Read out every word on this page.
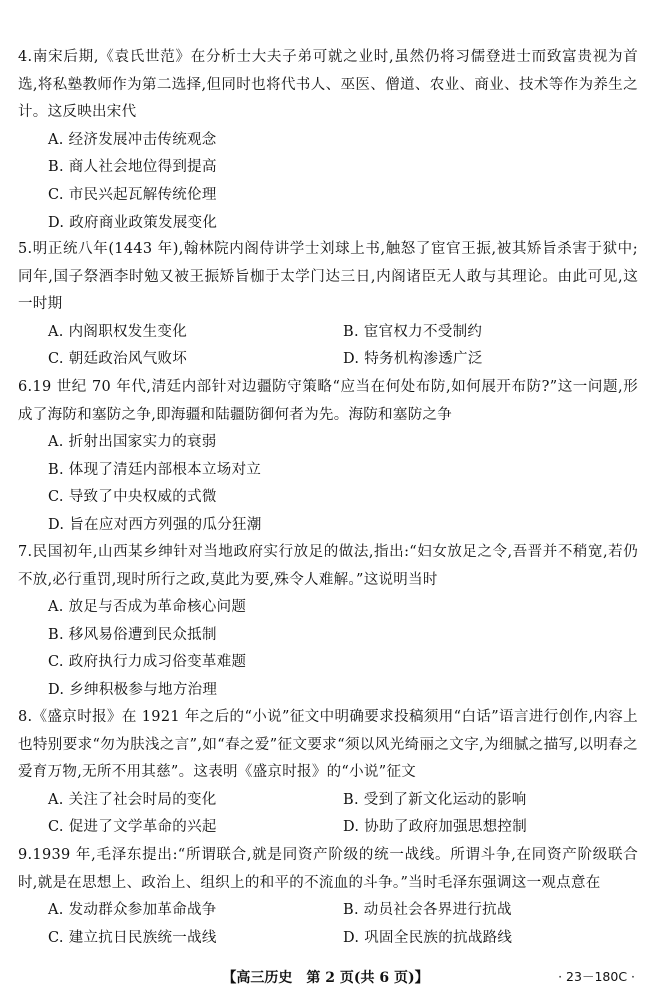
4.南宋后期,《袁氏世范》在分析士大夫子弟可就之业时,虽然仍将习儒登进士而致富贵视为首选,将私塾教师作为第二选择,但同时也将代书人、巫医、僧道、农业、商业、技术等作为养生之计。这反映出宋代

A. 经济发展冲击传统观念

B. 商人社会地位得到提高

C. 市民兴起瓦解传统伦理

D. 政府商业政策发展变化

5.明正统八年(1443 年),翰林院内阁侍讲学士刘球上书,触怒了宦官王振,被其矫旨杀害于狱中;同年,国子祭酒李时勉又被王振矫旨枷于太学门达三日,内阁诸臣无人敢与其理论。由此可见,这一时期

A. 内阁职权发生变化	B. 宦官权力不受制约
C. 朝廷政治风气败坏	D. 特务机构渗透广泛

6.19 世纪 70 年代,清廷内部针对边疆防守策略“应当在何处布防,如何展开布防?”这一问题,形成了海防和塞防之争,即海疆和陆疆防御何者为先。海防和塞防之争

A. 折射出国家实力的衰弱

B. 体现了清廷内部根本立场对立

C. 导致了中央权威的式微

D. 旨在应对西方列强的瓜分狂潮

7.民国初年,山西某乡绅针对当地政府实行放足的做法,指出:“妇女放足之令,吾晋并不稍宽,若仍不放,必行重罚,现时所行之政,莫此为要,殊令人难解。”这说明当时

A. 放足与否成为革命核心问题

B. 移风易俗遭到民众抵制

C. 政府执行力成习俗变革难题

D. 乡绅积极参与地方治理

8.《盛京时报》在 1921 年之后的“小说”征文中明确要求投稿须用“白话”语言进行创作,内容上也特别要求“勿为肤浅之言”,如“春之爱”征文要求“须以风光绮丽之文字,为细腻之描写,以明春之爱育万物,无所不用其慈”。这表明《盛京时报》的“小说”征文

A. 关注了社会时局的变化	B. 受到了新文化运动的影响
C. 促进了文学革命的兴起	D. 协助了政府加强思想控制

9.1939 年,毛泽东提出:“所谓联合,就是同资产阶级的统一战线。所谓斗争,在同资产阶级联合时,就是在思想上、政治上、组织上的和平的不流血的斗争。”当时毛泽东强调这一观点意在

A. 发动群众参加革命战争	B. 动员社会各界进行抗战
C. 建立抗日民族统一战线	D. 巩固全民族的抗战路线
【高三历史　第 2 页(共 6 页)】	· 23－180C ·
